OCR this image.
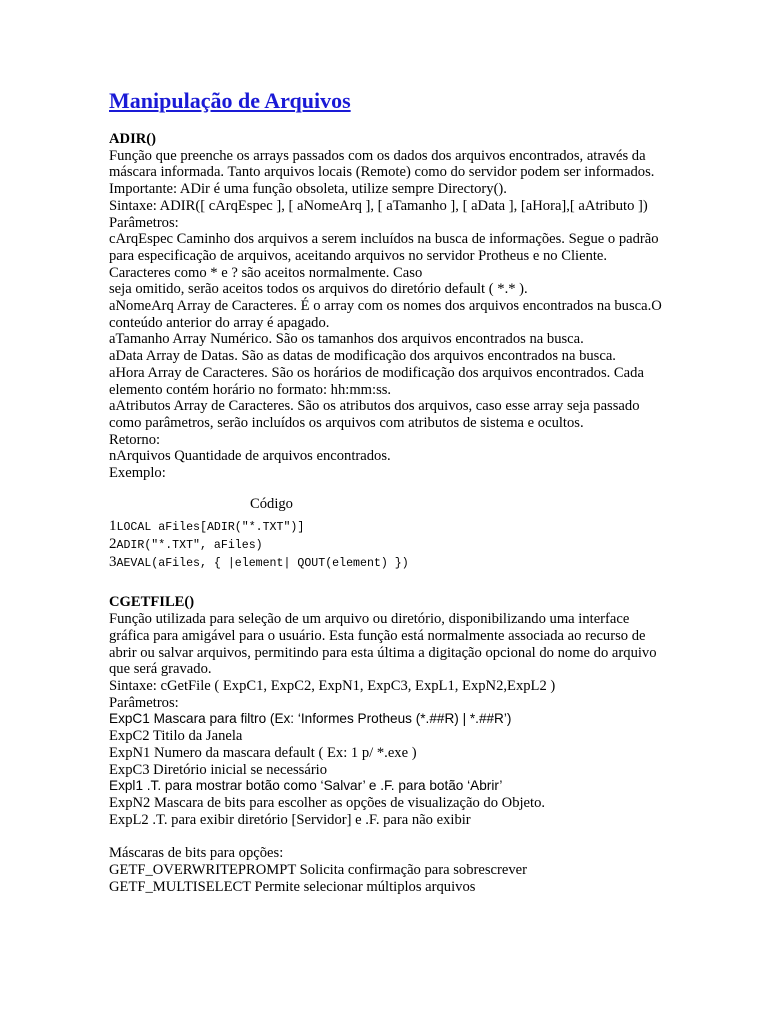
Manipulação de Arquivos

ADIR()

Função que preenche os arrays passados com os dados dos arquivos encontrados, através da máscara informada. Tanto arquivos locais (Remote) como do servidor podem ser informados.

Importante: ADir é uma função obsoleta, utilize sempre Directory().

Sintaxe: ADIR([ cArqEspec ], [ aNomeArq ], [ aTamanho ], [ aData ], [aHora],[ aAtributo ])

Parâmetros:

cArqEspec Caminho dos arquivos a serem incluídos na busca de informações. Segue o padrão para especificação de arquivos, aceitando arquivos no servidor Protheus e no Cliente. Caracteres como * e ? são aceitos normalmente. Caso

seja omitido, serão aceitos todos os arquivos do diretório default ( *.* ).

aNomeArq Array de Caracteres. É o array com os nomes dos arquivos encontrados na busca.O conteúdo anterior do array é apagado.

aTamanho Array Numérico. São os tamanhos dos arquivos encontrados na busca.

aData Array de Datas. São as datas de modificação dos arquivos encontrados na busca.

aHora Array de Caracteres. São os horários de modificação dos arquivos encontrados. Cada elemento contém horário no formato: hh:mm:ss.

aAtributos Array de Caracteres. São os atributos dos arquivos, caso esse array seja passado como parâmetros, serão incluídos os arquivos com atributos de sistema e ocultos.

Retorno:

nArquivos Quantidade de arquivos encontrados.

Exemplo:

Código

1LOCAL aFiles[ADIR("*.TXT")]

2ADIR("*.TXT", aFiles)

3AEVAL(aFiles, { |element| QOUT(element) })

CGETFILE()

Função utilizada para seleção de um arquivo ou diretório, disponibilizando uma interface gráfica para amigável para o usuário. Esta função está normalmente associada ao recurso de abrir ou salvar arquivos, permitindo para esta última a digitação opcional do nome do arquivo que será gravado.

Sintaxe: cGetFile ( ExpC1, ExpC2, ExpN1, ExpC3, ExpL1, ExpN2,ExpL2 )

Parâmetros:

ExpC1 Mascara para filtro (Ex: ‘Informes Protheus (*.##R) | *.##R’)

ExpC2 Titilo da Janela

ExpN1 Numero da mascara default ( Ex: 1 p/ *.exe )

ExpC3 Diretório inicial se necessário

Expl1 .T. para mostrar botão como ‘Salvar’ e .F. para botão ‘Abrir’

ExpN2 Mascara de bits para escolher as opções de visualização do Objeto.

ExpL2 .T. para exibir diretório [Servidor] e .F. para não exibir

Máscaras de bits para opções:

GETF_OVERWRITEPROMPT Solicita confirmação para sobrescrever

GETF_MULTISELECT Permite selecionar múltiplos arquivos
